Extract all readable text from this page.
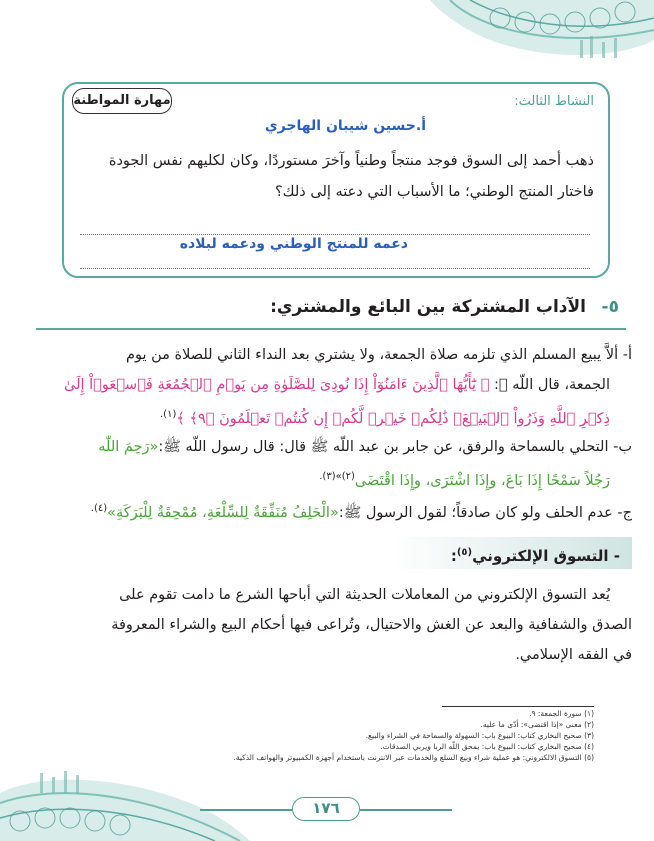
مهارة المواطنة	النشاط الثالث:
أ.حسين شيبان الهاجري
ذهب أحمد إلى السوق فوجد منتجاً وطنياً وآخرَ مستوردًا، وكان لكليهم نفس الجودة
فاختار المنتج الوطني؛ ما الأسباب التي دعته إلى ذلك؟
دعمه للمنتج الوطني ودعمه لبلاده
٥-
الآداب المشتركة بين البائع والمشتري:
أ- ألاَّ يبيع المسلم الذي تلزمه صلاة الجمعة، ولا يشتري بعد النداء الثاني للصلاة من يوم
الجمعة، قال اللّه ﷻ: ﴿ يَٰٓأَيُّهَا ٱلَّذِينَ ءَامَنُوٓاْ إِذَا نُودِىَ لِلصَّلَوٰةِ مِن يَوۡمِ ٱلۡجُمُعَةِ فَٱسۡعَوۡاْ إِلَىٰ
ذِكۡرِ ٱللَّهِ وَذَرُواْ ٱلۡبَيۡعَۚ ذَٰلِكُمۡ خَيۡرٞ لَّكُمۡ إِن كُنتُمۡ تَعۡلَمُونَ ﴿٩﴾ ﴾$^{(١).}$
ب- التحلي بالسماحة والرفق، عن جابر بن عبد اللّه ﷺ قال: قال رسول اللّه ﷺ:«رَحِمَ اللّٰه
رَجُلاً سَمْحًا إِذَا بَاعَ، وإِذَا اشْتَرَى، وإِذَا اقْتَضَى$^{(٢)»(٣).}$
ج- عدم الحلف ولو كان صادقاً؛ لقول الرسول ﷺ:«الْحَلِفُ مُنَفِّقَةٌ لِلسِّلْعَةِ، مُمْحِقَةٌ لِلْبَرَكَةِ»$^{(٤).}$
- التسوق الإلكتروني$^{(٥)}$:
يُعد التسوق الإلكتروني من المعاملات الحديثة التي أباحها الشرع ما دامت تقوم على
الصدق والشفافية والبعد عن الغش والاحتيال، وتُراعى فيها أحكام البيع والشراء المعروفة
في الفقه الإسلامي.
(١) سورة الجمعة: ٩.
(٢) معنى «إذا اقتضى»: أدّى ما عليه.
(٣) صحيح البخاري كتاب: البيوع باب: السهولة والسماحة في الشراء والبيع.
(٤) صحيح البخاري كتاب: البيوع باب: يمحق اللّه الربا ويربي الصدقات.
(٥) التسوق الالكتروني: هو عملية شراء وبيع السلع والخدمات عبر الانترنت باستخدام أجهزة الكمبيوتر والهواتف الذكية.
١٧٦
